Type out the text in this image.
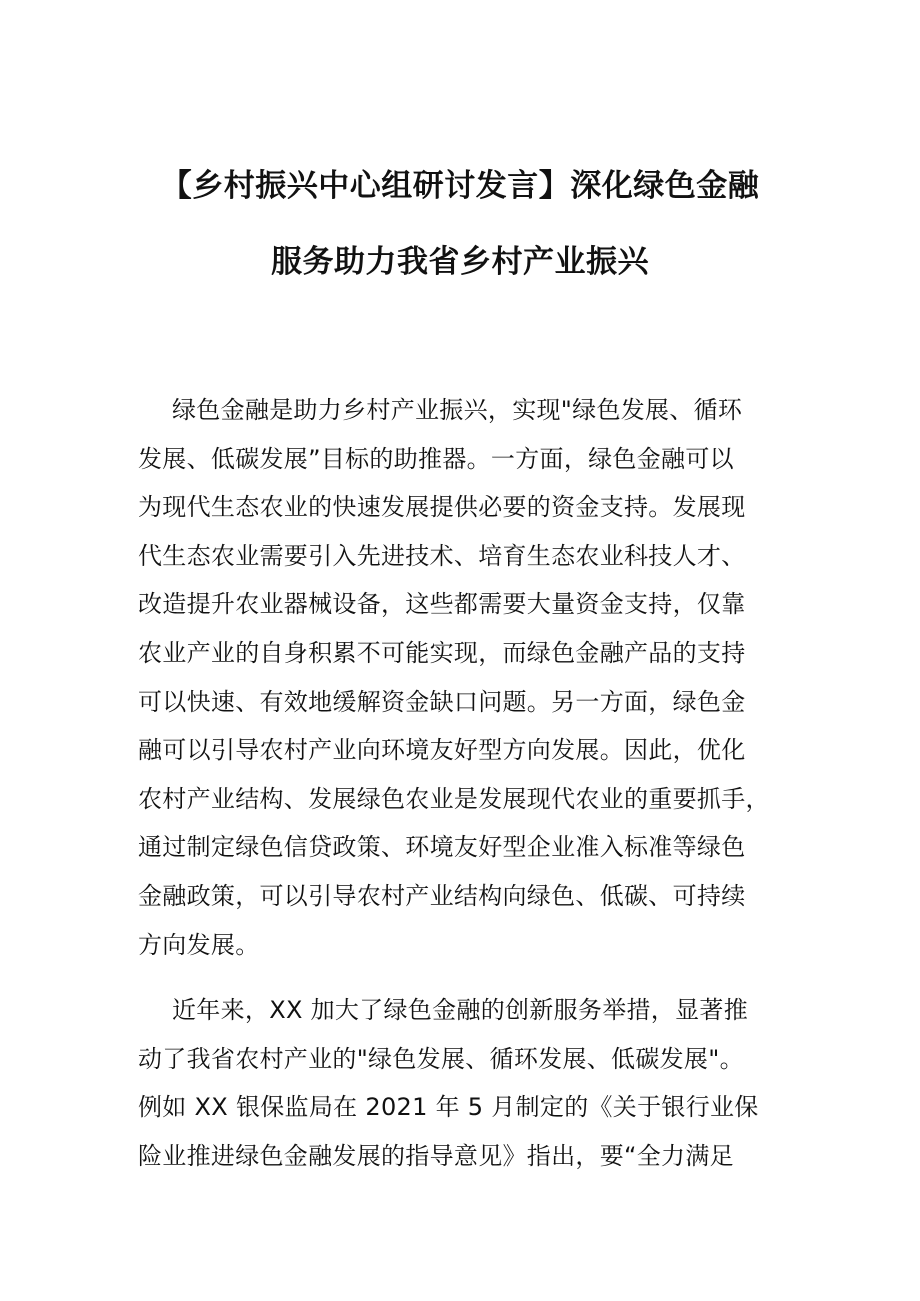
【乡村振兴中心组研讨发言】深化绿色金融
服务助力我省乡村产业振兴
绿色金融是助力乡村产业振兴，实现"绿色发展、循环
发展、低碳发展”目标的助推器。一方面，绿色金融可以
为现代生态农业的快速发展提供必要的资金支持。发展现
代生态农业需要引入先进技术、培育生态农业科技人才、
改造提升农业器械设备，这些都需要大量资金支持，仅靠
农业产业的自身积累不可能实现，而绿色金融产品的支持
可以快速、有效地缓解资金缺口问题。另一方面，绿色金
融可以引导农村产业向环境友好型方向发展。因此，优化
农村产业结构、发展绿色农业是发展现代农业的重要抓手，
通过制定绿色信贷政策、环境友好型企业准入标准等绿色
金融政策，可以引导农村产业结构向绿色、低碳、可持续
方向发展。
近年来，XX 加大了绿色金融的创新服务举措，显著推
动了我省农村产业的"绿色发展、循环发展、低碳发展"。
例如 XX 银保监局在 2021 年 5 月制定的《关于银行业保
险业推进绿色金融发展的指导意见》指出，要“全力满足
